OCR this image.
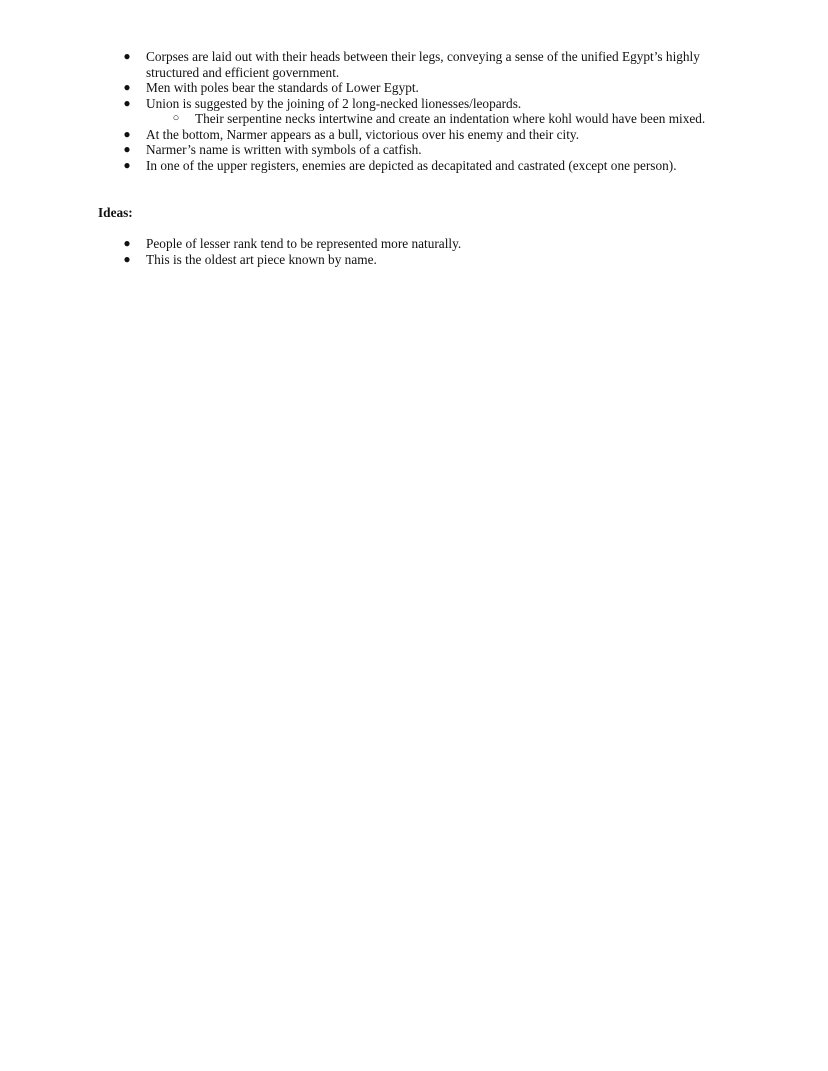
● Corpses are laid out with their heads between their legs, conveying a sense of the unified Egypt’s highly structured and efficient government.
● Men with poles bear the standards of Lower Egypt.
● Union is suggested by the joining of 2 long-necked lionesses/leopards.
○ Their serpentine necks intertwine and create an indentation where kohl would have been mixed.
● At the bottom, Narmer appears as a bull, victorious over his enemy and their city.
● Narmer’s name is written with symbols of a catfish.
● In one of the upper registers, enemies are depicted as decapitated and castrated (except one person).
Ideas:
● People of lesser rank tend to be represented more naturally.
● This is the oldest art piece known by name.
